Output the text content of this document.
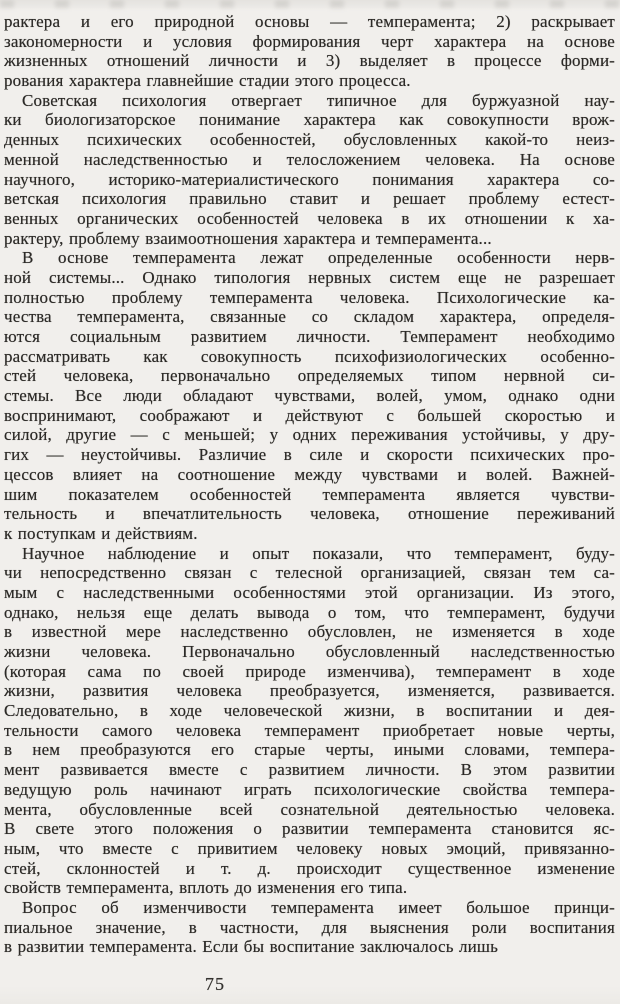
рактера и его природной основы — темперамента; 2) раскрывает
закономерности и условия формирования черт характера на основе
жизненных отношений личности и 3) выделяет в процессе форми-
рования характера главнейшие стадии этого процесса.
Советская психология отвергает типичное для буржуазной нау-
ки биологизаторское понимание характера как совокупности врож-
денных психических особенностей, обусловленных какой-то неиз-
менной наследственностью и телосложением человека. На основе
научного, историко-материалистического понимания характера со-
ветская психология правильно ставит и решает проблему естест-
венных органических особенностей человека в их отношении к ха-
рактеру, проблему взаимоотношения характера и темперамента...
В основе темперамента лежат определенные особенности нерв-
ной системы... Однако типология нервных систем еще не разрешает
полностью проблему темперамента человека. Психологические ка-
чества темперамента, связанные со складом характера, определя-
ются социальным развитием личности. Темперамент необходимо
рассматривать как совокупность психофизиологических особенно-
стей человека, первоначально определяемых типом нервной си-
стемы. Все люди обладают чувствами, волей, умом, однако одни
воспринимают, соображают и действуют с большей скоростью и
силой, другие — с меньшей; у одних переживания устойчивы, у дру-
гих — неустойчивы. Различие в силе и скорости психических про-
цессов влияет на соотношение между чувствами и волей. Важней-
шим показателем особенностей темперамента является чувстви-
тельность и впечатлительность человека, отношение переживаний
к поступкам и действиям.
Научное наблюдение и опыт показали, что темперамент, буду-
чи непосредственно связан с телесной организацией, связан тем са-
мым с наследственными особенностями этой организации. Из этого,
однако, нельзя еще делать вывода о том, что темперамент, будучи
в известной мере наследственно обусловлен, не изменяется в ходе
жизни человека. Первоначально обусловленный наследственностью
(которая сама по своей природе изменчива), темперамент в ходе
жизни, развития человека преобразуется, изменяется, развивается.
Следовательно, в ходе человеческой жизни, в воспитании и дея-
тельности самого человека темперамент приобретает новые черты,
в нем преобразуются его старые черты, иными словами, темпера-
мент развивается вместе с развитием личности. В этом развитии
ведущую роль начинают играть психологические свойства темпера-
мента, обусловленные всей сознательной деятельностью человека.
В свете этого положения о развитии темперамента становится яс-
ным, что вместе с привитием человеку новых эмоций, привязанно-
стей, склонностей и т. д. происходит существенное изменение
свойств темперамента, вплоть до изменения его типа.
Вопрос об изменчивости темперамента имеет большое принци-
пиальное значение, в частности, для выяснения роли воспитания
в развитии темперамента. Если бы воспитание заключалось лишь
75
